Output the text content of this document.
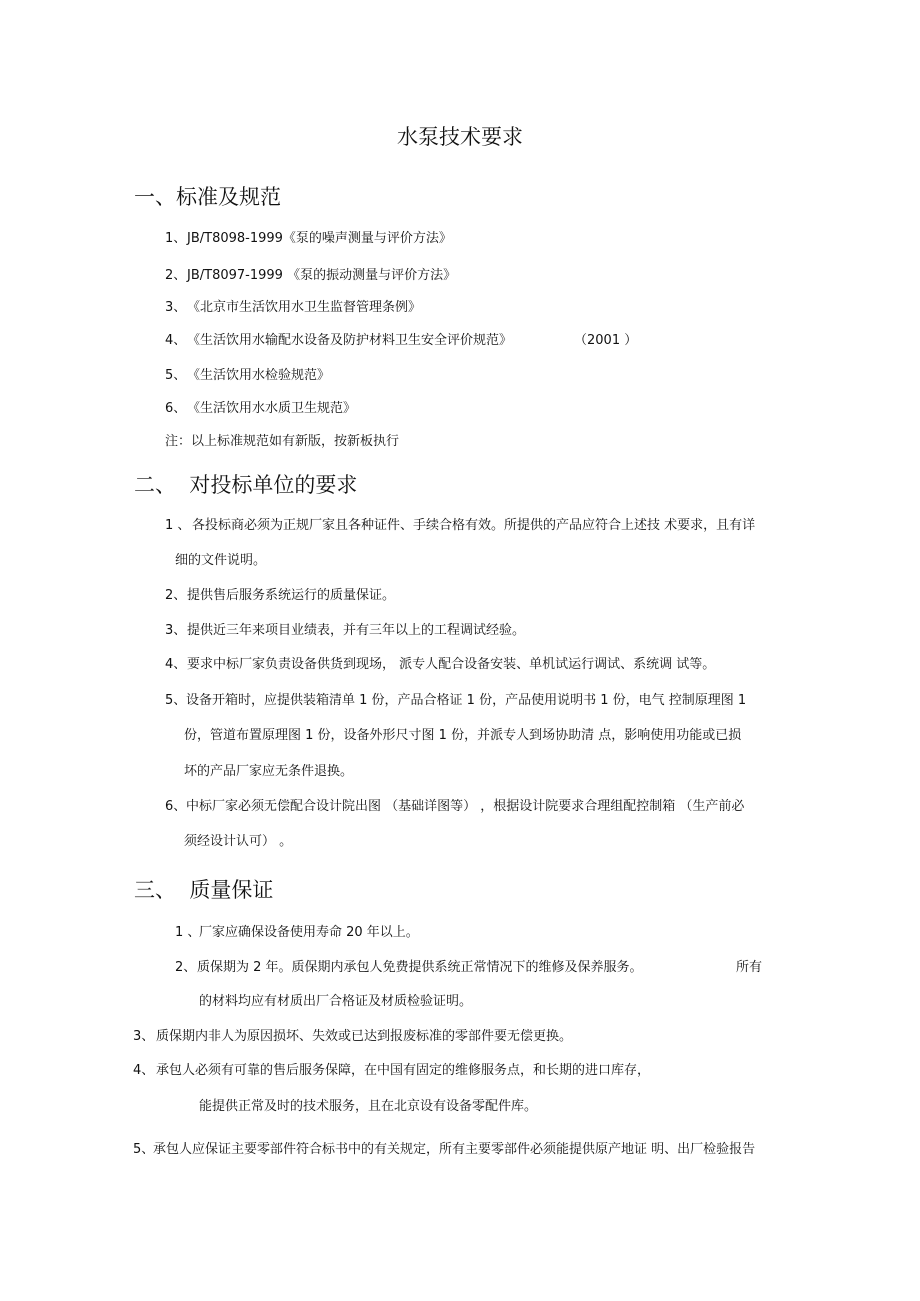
水泵技术要求
一、标准及规范
1、JB/T8098-1999《泵的噪声测量与评价方法》
2、JB/T8097-1999 《泵的振动测量与评价方法》
3、《北京市生活饮用水卫生监督管理条例》
4、《生活饮用水输配水设备及防护材料卫生安全评价规范》	（2001 ）
5、《生活饮用水检验规范》
6、《生活饮用水水质卫生规范》
注：以上标准规范如有新版，按新板执行
二、  对投标单位的要求
1 、 各投标商必须为正规厂家且各种证件、手续合格有效。所提供的产品应符合上述技 术要求，且有详
细的文件说明。
2、提供售后服务系统运行的质量保证。
3、提供近三年来项目业绩表，并有三年以上的工程调试经验。
4、要求中标厂家负责设备供货到现场， 派专人配合设备安装、单机试运行调试、系统调 试等。
5、 设备开箱时，应提供装箱清单 1 份，产品合格证 1 份，产品使用说明书 1 份，电气 控制原理图 1
份，管道布置原理图 1 份，设备外形尺寸图 1 份，并派专人到场协助清 点，影响使用功能或已损
坏的产品厂家应无条件退换。
6、 中标厂家必须无偿配合设计院出图 （基础详图等） ，根据设计院要求合理组配控制箱 （生产前必
须经设计认可） 。
三、  质量保证
1 、厂家应确保设备使用寿命 20 年以上。
2、质保期为 2 年。质保期内承包人免费提供系统正常情况下的维修及保养服务。	所有
的材料均应有材质出厂合格证及材质检验证明。
3、 质保期内非人为原因损坏、失效或已达到报废标准的零部件要无偿更换。
4、 承包人必须有可靠的售后服务保障，在中国有固定的维修服务点，和长期的进口库存，
能提供正常及时的技术服务，且在北京设有设备零配件库。
5、承包人应保证主要零部件符合标书中的有关规定，所有主要零部件必须能提供原产地证 明、出厂检验报告
